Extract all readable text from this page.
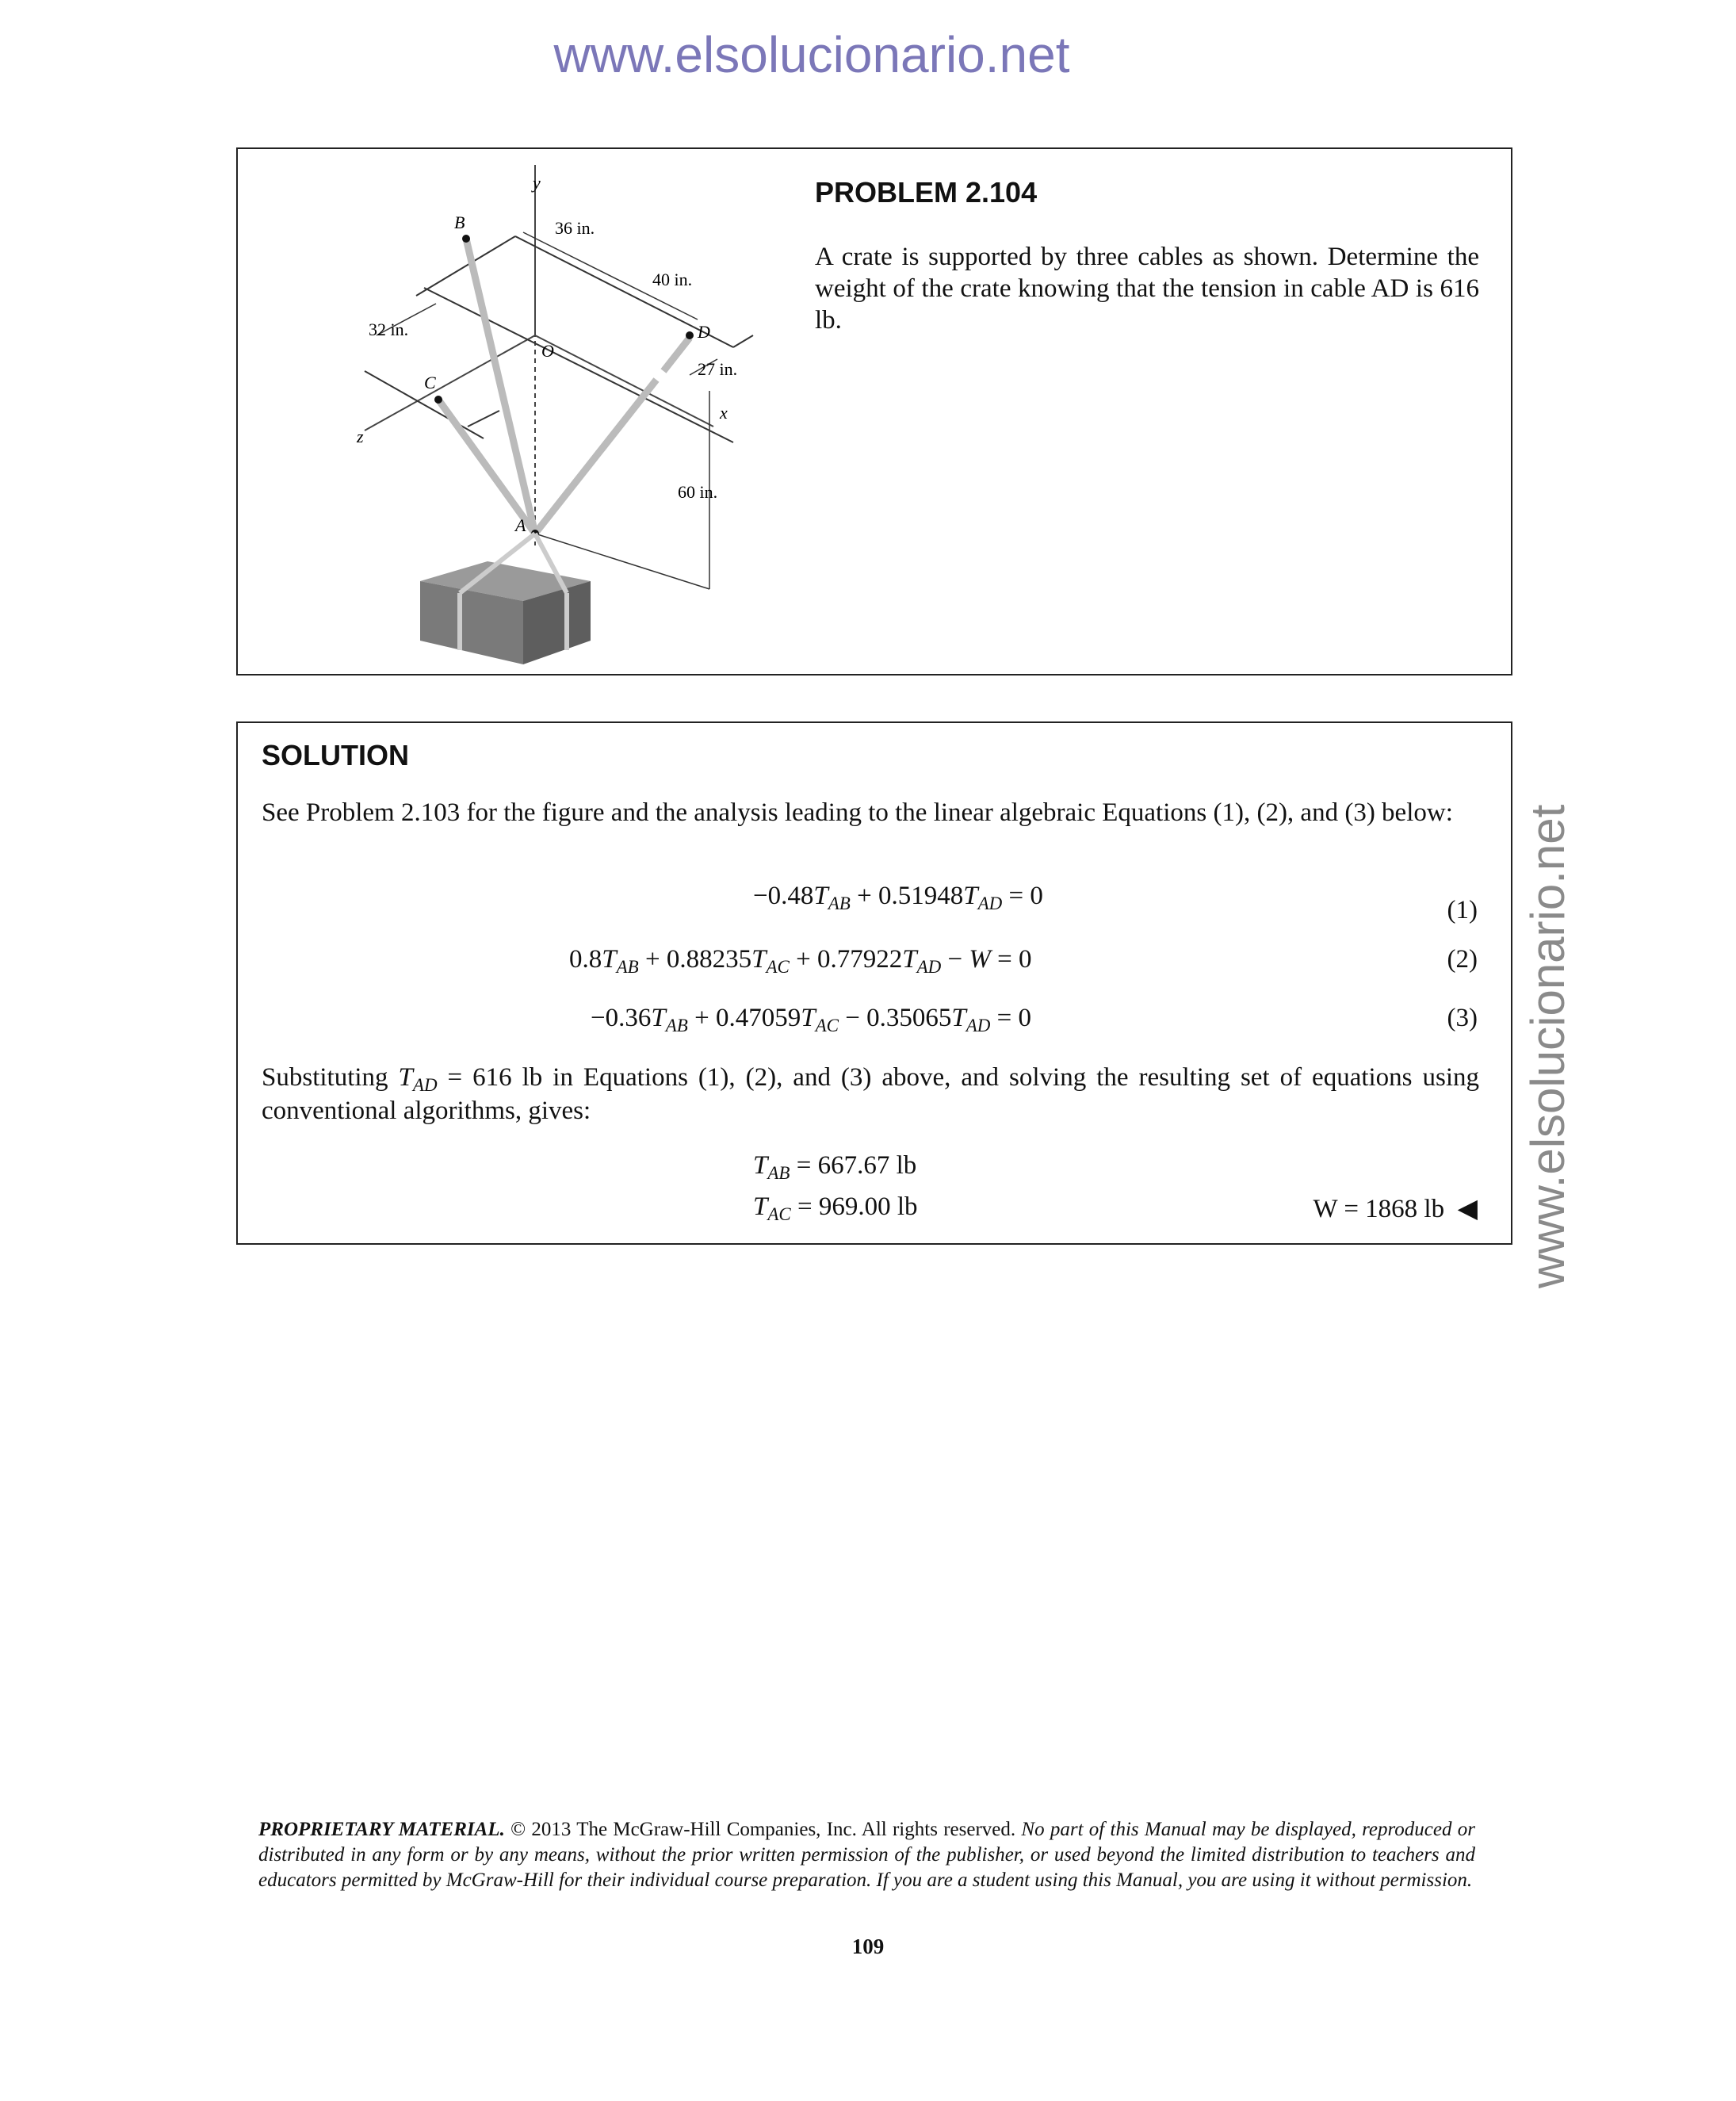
www.elsolucionario.net
www.elsolucionario.net
y
x
z
B
C
D
A
O
36 in.
40 in.
32 in.
27 in.
60 in.
PROBLEM 2.104
A crate is supported by three cables as shown. Determine the weight of the crate knowing that the tension in cable AD is 616 lb.
SOLUTION
See Problem 2.103 for the figure and the analysis leading to the linear algebraic Equations (1), (2), and (3) below:
$-0.48T_{AB} + 0.51948T_{AD} = 0$	(1)
$0.8T_{AB} + 0.88235T_{AC} + 0.77922T_{AD} - W = 0$	(2)
$-0.36T_{AB} + 0.47059T_{AC} - 0.35065T_{AD} = 0$	(3)
Substituting $T_{AD} = 616$ lb in Equations (1), (2), and (3) above, and solving the resulting set of equations using conventional algorithms, gives:
$T_{AB} = 667.67$ lb
$T_{AC} = 969.00$ lb	W = 1868 lb ◀
PROPRIETARY MATERIAL. © 2013 The McGraw-Hill Companies, Inc. All rights reserved. No part of this Manual may be displayed, reproduced or distributed in any form or by any means, without the prior written permission of the publisher, or used beyond the limited distribution to teachers and educators permitted by McGraw-Hill for their individual course preparation. If you are a student using this Manual, you are using it without permission.
109
